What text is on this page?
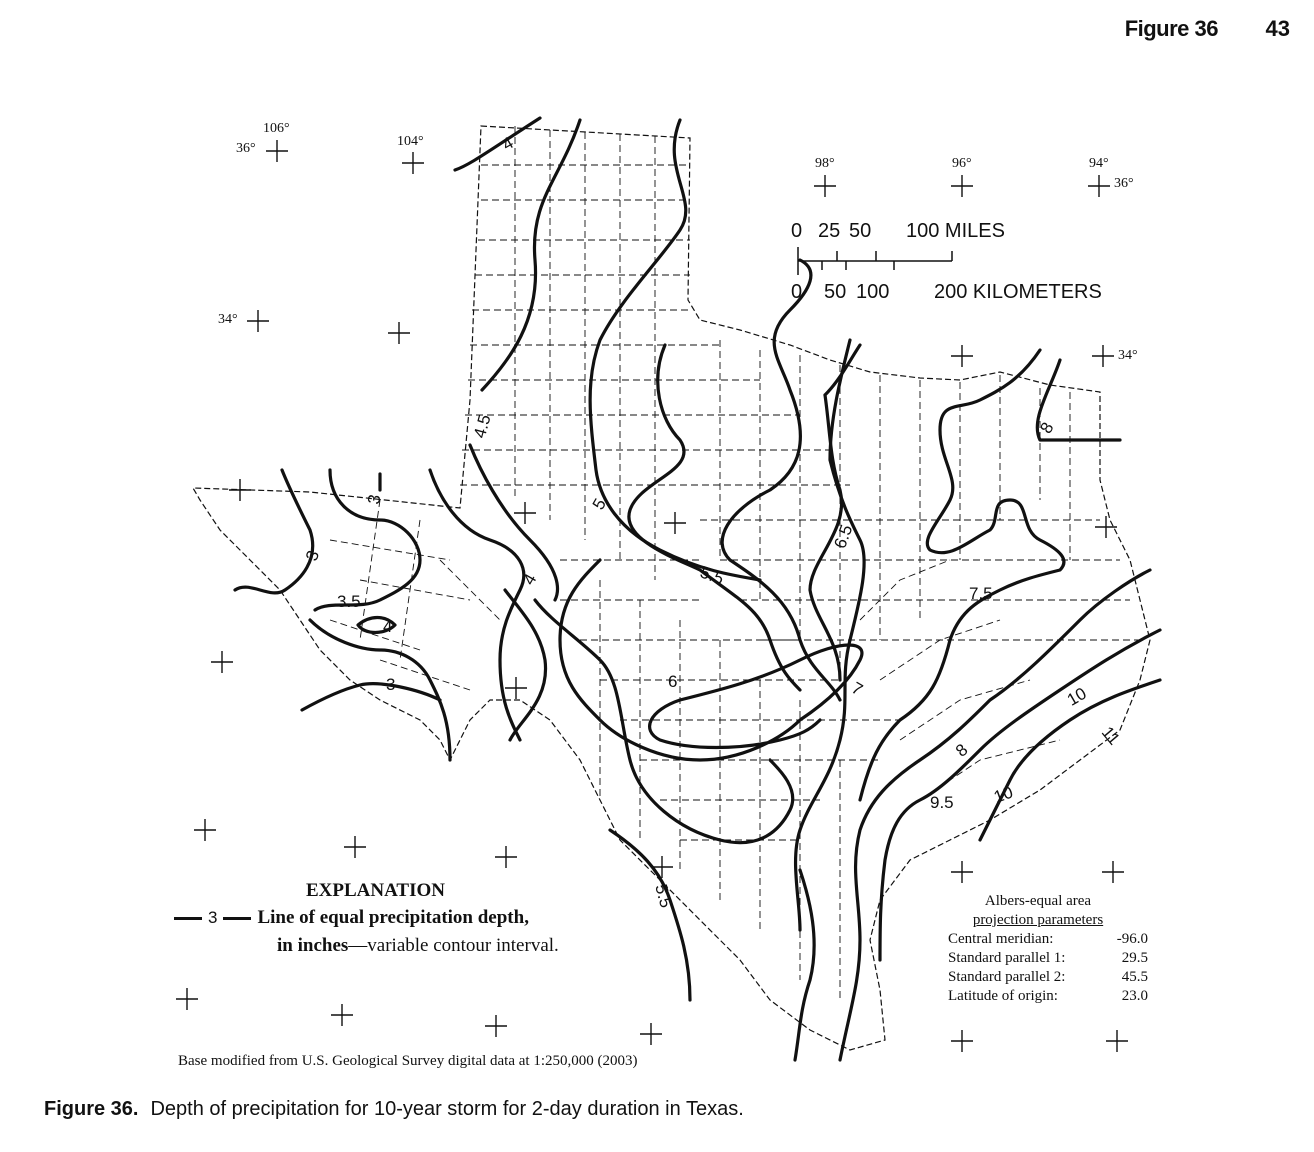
Figure 36 43
106°
36°	104°
98°	96°	94°
36°
34°
34°
0 25 50 100 MILES
0 50 100 200 KILOMETERS
4
4.5
3
3
3.5
4
4
3
5
5.5
6
6.5
7
7.5
8
8
9.5
10
10
11
5.5
EXPLANATION
3 Line of equal precipitation depth,
in inches—variable contour interval.
Albers-equal area
projection parameters
Central meridian:	-96.0
Standard parallel 1:	29.5
Standard parallel 2:	45.5
Latitude of origin:	23.0
Base modified from U.S. Geological Survey digital data at 1:250,000 (2003)
Figure 36. Depth of precipitation for 10-year storm for 2-day duration in Texas.
